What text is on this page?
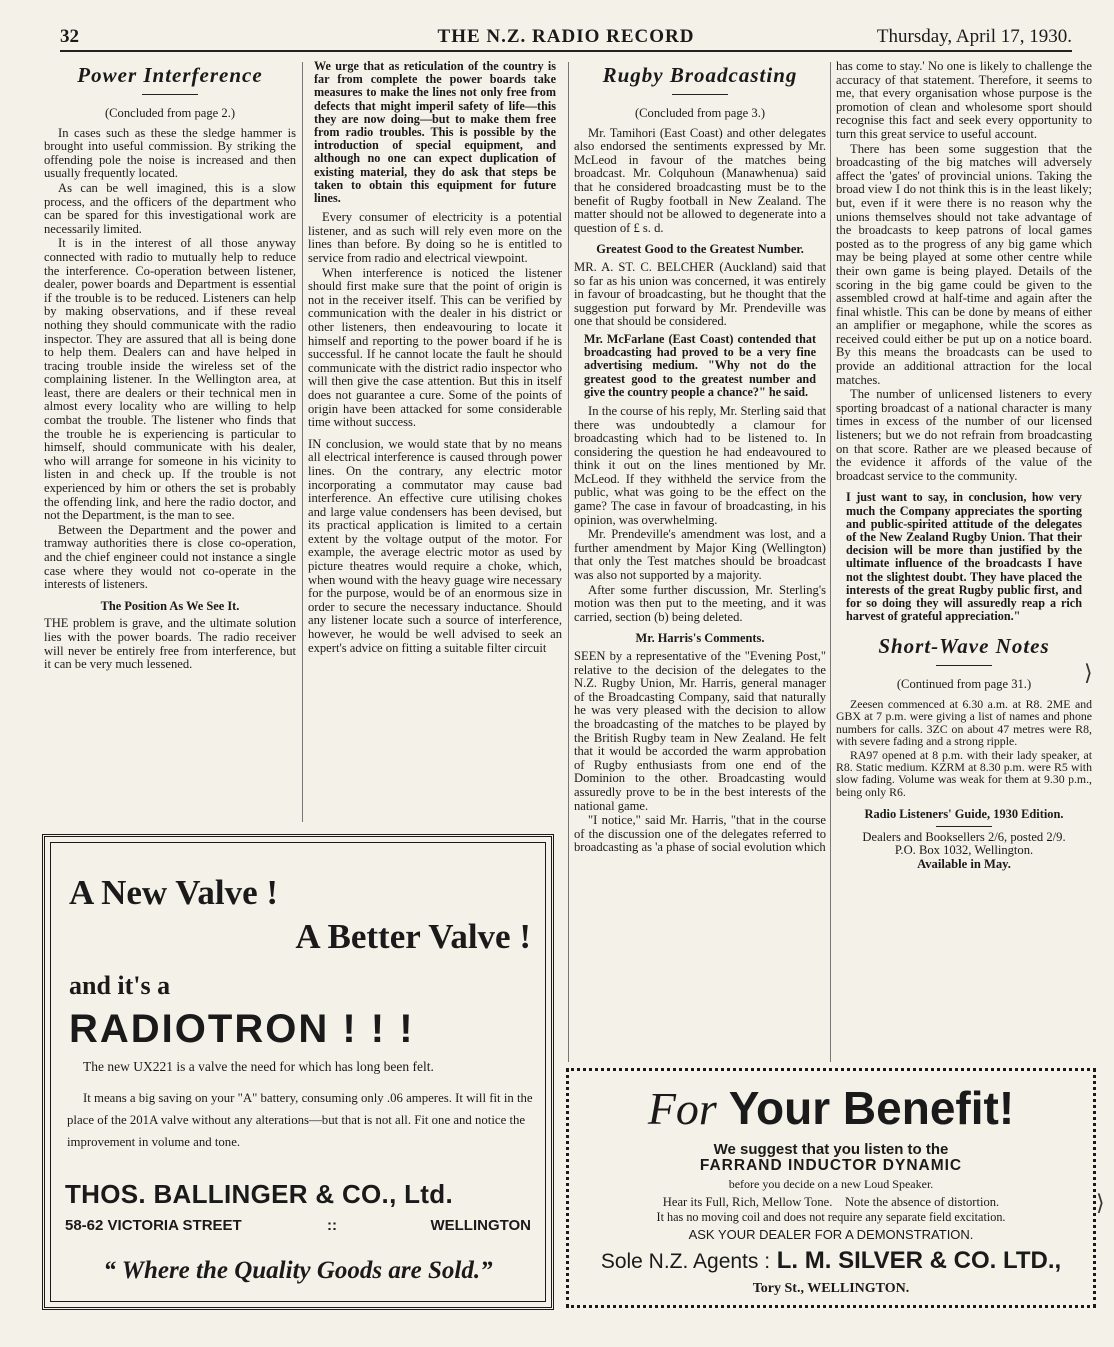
32	THE N.Z. RADIO RECORD	Thursday, April 17, 1930.
Power Interference

(Concluded from page 2.)

In cases such as these the sledge hammer is brought into useful commission. By striking the offending pole the noise is increased and then usually frequently located.

As can be well imagined, this is a slow process, and the officers of the department who can be spared for this investigational work are necessarily limited.

It is in the interest of all those anyway connected with radio to mutually help to reduce the interference. Co-operation between listener, dealer, power boards and Department is essential if the trouble is to be reduced. Listeners can help by making observations, and if these reveal nothing they should communicate with the radio inspector. They are assured that all is being done to help them. Dealers can and have helped in tracing trouble inside the wireless set of the complaining listener. In the Wellington area, at least, there are dealers or their technical men in almost every locality who are willing to help combat the trouble. The listener who finds that the trouble he is experiencing is particular to himself, should communicate with his dealer, who will arrange for someone in his vicinity to listen in and check up. If the trouble is not experienced by him or others the set is probably the offending link, and here the radio doctor, and not the Department, is the man to see.

Between the Department and the power and tramway authorities there is close co-operation, and the chief engineer could not instance a single case where they would not co-operate in the interests of listeners.

The Position As We See It.

THE problem is grave, and the ultimate solution lies with the power boards. The radio receiver will never be entirely free from interference, but it can be very much lessened.

We urge that as reticulation of the country is far from complete the power boards take measures to make the lines not only free from defects that might imperil safety of life—this they are now doing—but to make them free from radio troubles. This is possible by the introduction of special equipment, and although no one can expect duplication of existing material, they do ask that steps be taken to obtain this equipment for future lines.

Every consumer of electricity is a potential listener, and as such will rely even more on the lines than before. By doing so he is entitled to service from radio and electrical viewpoint.

When interference is noticed the listener should first make sure that the point of origin is not in the receiver itself. This can be verified by communication with the dealer in his district or other listeners, then endeavouring to locate it himself and reporting to the power board if he is successful. If he cannot locate the fault he should communicate with the district radio inspector who will then give the case attention. But this in itself does not guarantee a cure. Some of the points of origin have been attacked for some considerable time without success.

IN conclusion, we would state that by no means all electrical interference is caused through power lines. On the contrary, any electric motor incorporating a commutator may cause bad interference. An effective cure utilising chokes and large value condensers has been devised, but its practical application is limited to a certain extent by the voltage output of the motor. For example, the average electric motor as used by picture theatres would require a choke, which, when wound with the heavy guage wire necessary for the purpose, would be of an enormous size in order to secure the necessary inductance. Should any listener locate such a source of interference, however, he would be well advised to seek an expert's advice on fitting a suitable filter circuit

Rugby Broadcasting

(Concluded from page 3.)

Mr. Tamihori (East Coast) and other delegates also endorsed the sentiments expressed by Mr. McLeod in favour of the matches being broadcast. Mr. Colquhoun (Manawhenua) said that he considered broadcasting must be to the benefit of Rugby football in New Zealand. The matter should not be allowed to degenerate into a question of £ s. d.

Greatest Good to the Greatest Number.

MR. A. ST. C. BELCHER (Auckland) said that so far as his union was concerned, it was entirely in favour of broadcasting, but he thought that the suggestion put forward by Mr. Prendeville was one that should be considered.

Mr. McFarlane (East Coast) contended that broadcasting had proved to be a very fine advertising medium. "Why not do the greatest good to the greatest number and give the country people a chance?" he said.

In the course of his reply, Mr. Sterling said that there was undoubtedly a clamour for broadcasting which had to be listened to. In considering the question he had endeavoured to think it out on the lines mentioned by Mr. McLeod. If they withheld the service from the public, what was going to be the effect on the game? The case in favour of broadcasting, in his opinion, was overwhelming.

Mr. Prendeville's amendment was lost, and a further amendment by Major King (Wellington) that only the Test matches should be broadcast was also not supported by a majority.

After some further discussion, Mr. Sterling's motion was then put to the meeting, and it was carried, section (b) being deleted.

Mr. Harris's Comments.

SEEN by a representative of the "Evening Post," relative to the decision of the delegates to the N.Z. Rugby Union, Mr. Harris, general manager of the Broadcasting Company, said that naturally he was very pleased with the decision to allow the broadcasting of the matches to be played by the British Rugby team in New Zealand. He felt that it would be accorded the warm approbation of Rugby enthusiasts from one end of the Dominion to the other. Broadcasting would assuredly prove to be in the best interests of the national game.

"I notice," said Mr. Harris, "that in the course of the discussion one of the delegates referred to broadcasting as 'a phase of social evolution which

has come to stay.' No one is likely to challenge the accuracy of that statement. Therefore, it seems to me, that every organisation whose purpose is the promotion of clean and wholesome sport should recognise this fact and seek every opportunity to turn this great service to useful account.

There has been some suggestion that the broadcasting of the big matches will adversely affect the 'gates' of provincial unions. Taking the broad view I do not think this is in the least likely; but, even if it were there is no reason why the unions themselves should not take advantage of the broadcasts to keep patrons of local games posted as to the progress of any big game which may be being played at some other centre while their own game is being played. Details of the scoring in the big game could be given to the assembled crowd at half-time and again after the final whistle. This can be done by means of either an amplifier or megaphone, while the scores as received could either be put up on a notice board. By this means the broadcasts can be used to provide an additional attraction for the local matches.

The number of unlicensed listeners to every sporting broadcast of a national character is many times in excess of the number of our licensed listeners; but we do not refrain from broadcasting on that score. Rather are we pleased because of the evidence it affords of the value of the broadcast service to the community.

I just want to say, in conclusion, how very much the Company appreciates the sporting and public-spirited attitude of the delegates of the New Zealand Rugby Union. That their decision will be more than justified by the ultimate influence of the broadcasts I have not the slightest doubt. They have placed the interests of the great Rugby public first, and for so doing they will assuredly reap a rich harvest of grateful appreciation."

Short-Wave Notes

(Continued from page 31.)

Zeesen commenced at 6.30 a.m. at R8. 2ME and GBX at 7 p.m. were giving a list of names and phone numbers for calls. 3ZC on about 47 metres were R8, with severe fading and a strong ripple.

RA97 opened at 8 p.m. with their lady speaker, at R8. Static medium. KZRM at 8.30 p.m. were R5 with slow fading. Volume was weak for them at 9.30 p.m., being only R6.

Radio Listeners' Guide, 1930 Edition.

Dealers and Booksellers 2/6, posted 2/9.

P.O. Box 1032, Wellington.

Available in May.

A New Valve !
A Better Valve !
and it's a
RADIOTRON ! ! !
The new UX221 is a valve the need for which has long been felt.
It means a big saving on your "A" battery, consuming only .06 amperes. It will fit in the place of the 201A valve without any alterations—but that is not all. Fit one and notice the improvement in volume and tone.
THOS. BALLINGER & CO., Ltd.
58-62 VICTORIA STREET	::	WELLINGTON
“ Where the Quality Goods are Sold.”
For Your Benefit!
We suggest that you listen to the
FARRAND INDUCTOR DYNAMIC
before you decide on a new Loud Speaker.
Hear its Full, Rich, Mellow Tone.    Note the absence of distortion.
It has no moving coil and does not require any separate field excitation.
ASK YOUR DEALER FOR A DEMONSTRATION.
Sole N.Z. Agents : L. M. SILVER & CO. LTD.,
Tory St., WELLINGTON.
⟩
⟩
